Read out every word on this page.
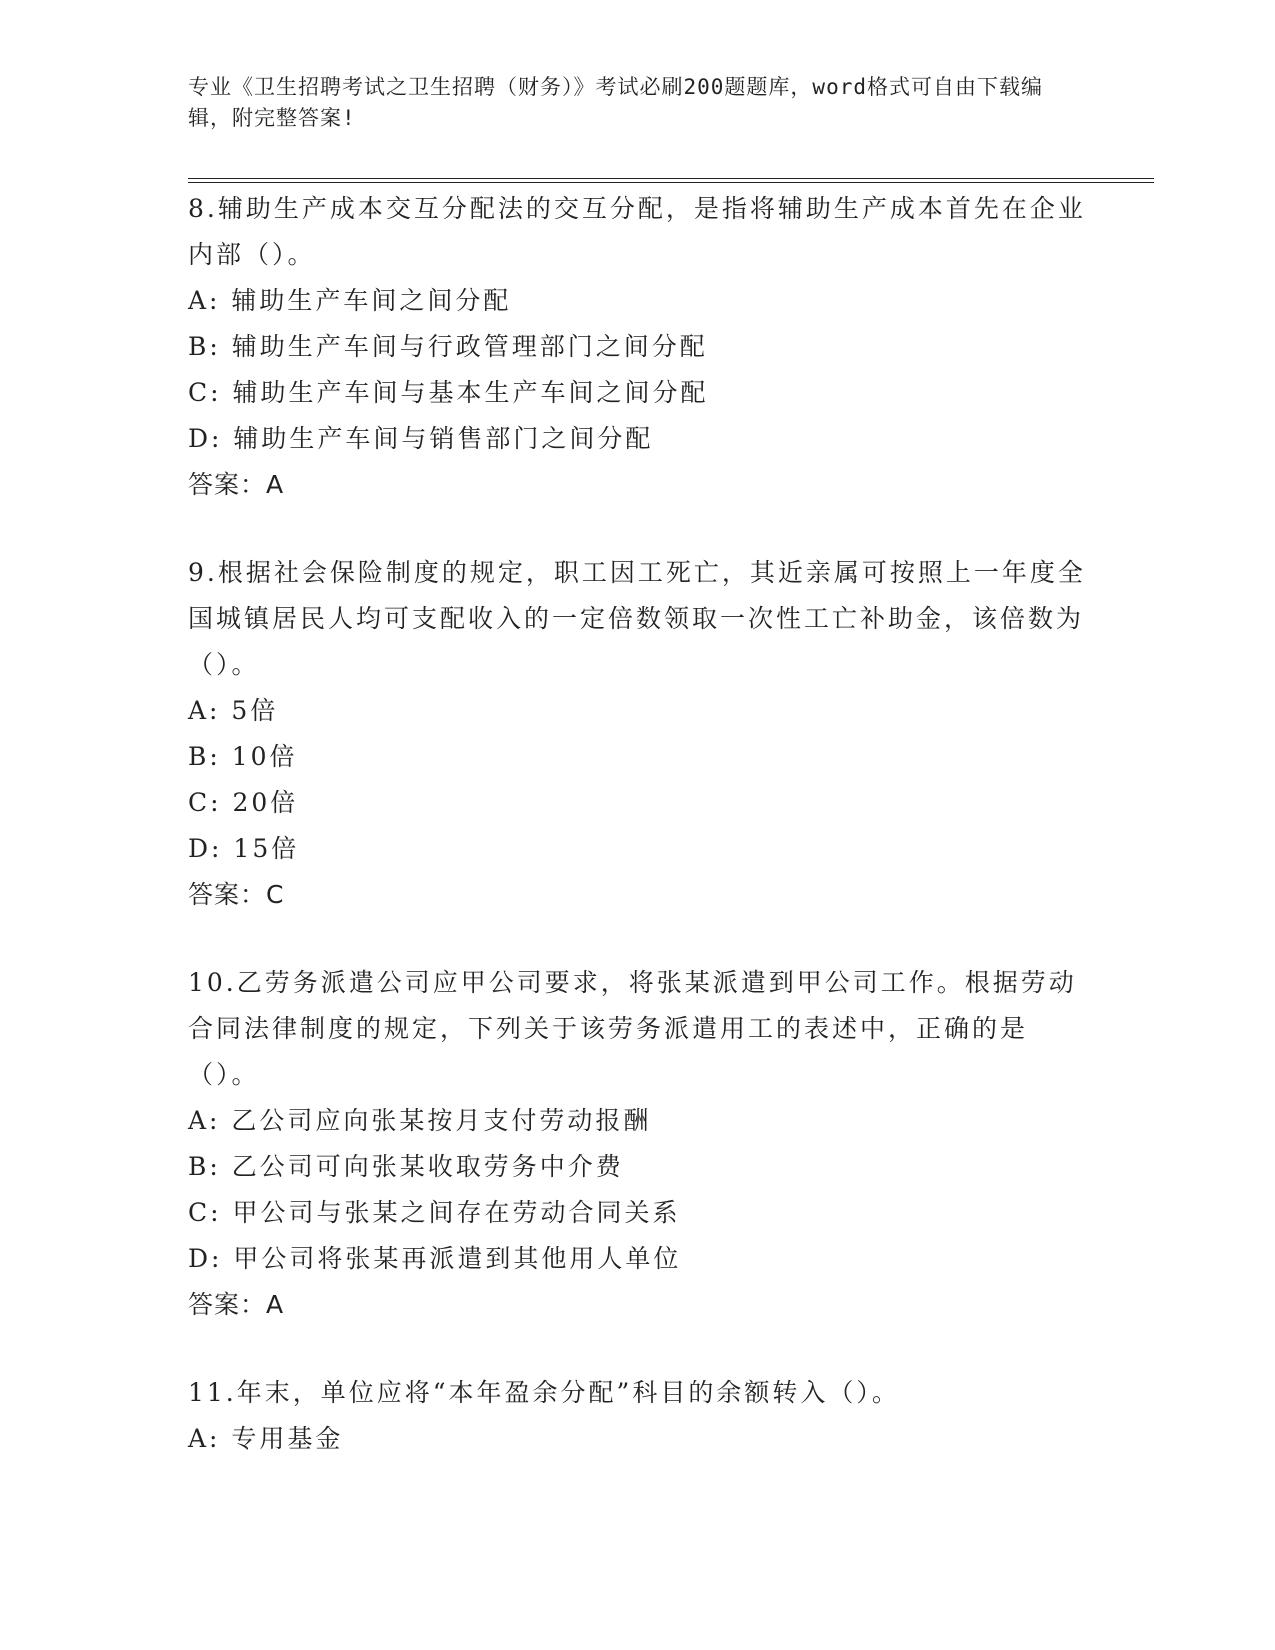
专业《卫生招聘考试之卫生招聘（财务）》考试必刷200题题库，word格式可自由下载编辑，附完整答案!

8.辅助生产成本交互分配法的交互分配，是指将辅助生产成本首先在企业内部（）。

A: 辅助生产车间之间分配

B: 辅助生产车间与行政管理部门之间分配

C: 辅助生产车间与基本生产车间之间分配

D: 辅助生产车间与销售部门之间分配

答案：A

9.根据社会保险制度的规定，职工因工死亡，其近亲属可按照上一年度全国城镇居民人均可支配收入的一定倍数领取一次性工亡补助金，该倍数为（）。

A: 5倍

B: 10倍

C: 20倍

D: 15倍

答案：C

10.乙劳务派遣公司应甲公司要求，将张某派遣到甲公司工作。根据劳动合同法律制度的规定，下列关于该劳务派遣用工的表述中，正确的是（）。

A: 乙公司应向张某按月支付劳动报酬

B: 乙公司可向张某收取劳务中介费

C: 甲公司与张某之间存在劳动合同关系

D: 甲公司将张某再派遣到其他用人单位

答案：A

11.年末，单位应将“本年盈余分配”科目的余额转入（）。

A: 专用基金
